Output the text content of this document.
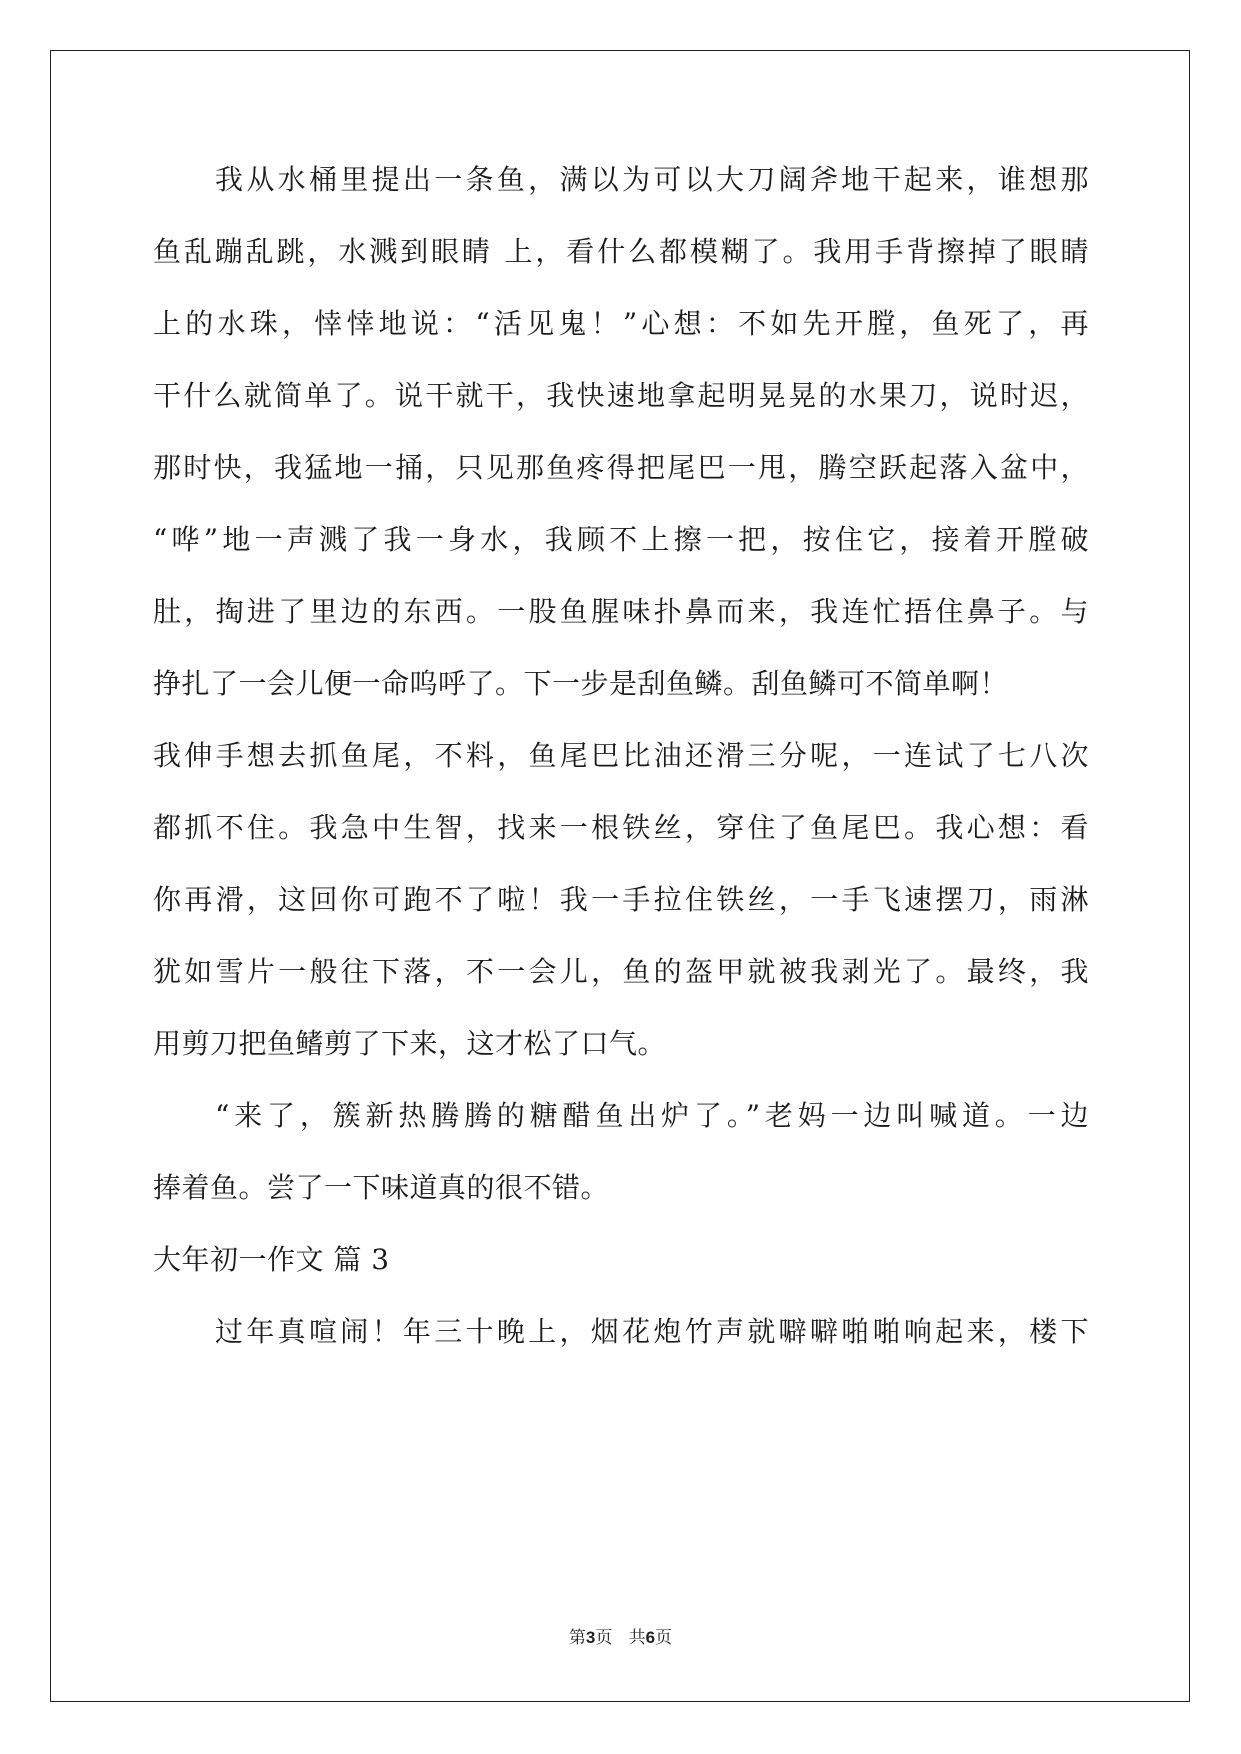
我从水桶里提出一条鱼，满以为可以大刀阔斧地干起来，谁想那
鱼乱蹦乱跳，水溅到眼睛 上，看什么都模糊了。我用手背擦掉了眼睛
上的水珠，悻悻地说：“活见鬼！”心想：不如先开膛，鱼死了，再
干什么就简单了。说干就干，我快速地拿起明晃晃的水果刀，说时迟，
那时快，我猛地一捅，只见那鱼疼得把尾巴一甩，腾空跃起落入盆中，
“哗”地一声溅了我一身水，我顾不上擦一把，按住它，接着开膛破
肚，掏进了里边的东西。一股鱼腥味扑鼻而来，我连忙捂住鼻子。与
挣扎了一会儿便一命呜呼了。下一步是刮鱼鳞。刮鱼鳞可不简单啊！
我伸手想去抓鱼尾，不料，鱼尾巴比油还滑三分呢，一连试了七八次
都抓不住。我急中生智，找来一根铁丝，穿住了鱼尾巴。我心想：看
你再滑，这回你可跑不了啦！我一手拉住铁丝，一手飞速摆刀，雨淋
犹如雪片一般往下落，不一会儿，鱼的盔甲就被我剥光了。最终，我
用剪刀把鱼鳍剪了下来，这才松了口气。
“来了，簇新热腾腾的糖醋鱼出炉了。”老妈一边叫喊道。一边
捧着鱼。尝了一下味道真的很不错。
大年初一作文 篇 3
过年真喧闹！年三十晚上，烟花炮竹声就噼噼啪啪响起来，楼下
第3页   共6页
